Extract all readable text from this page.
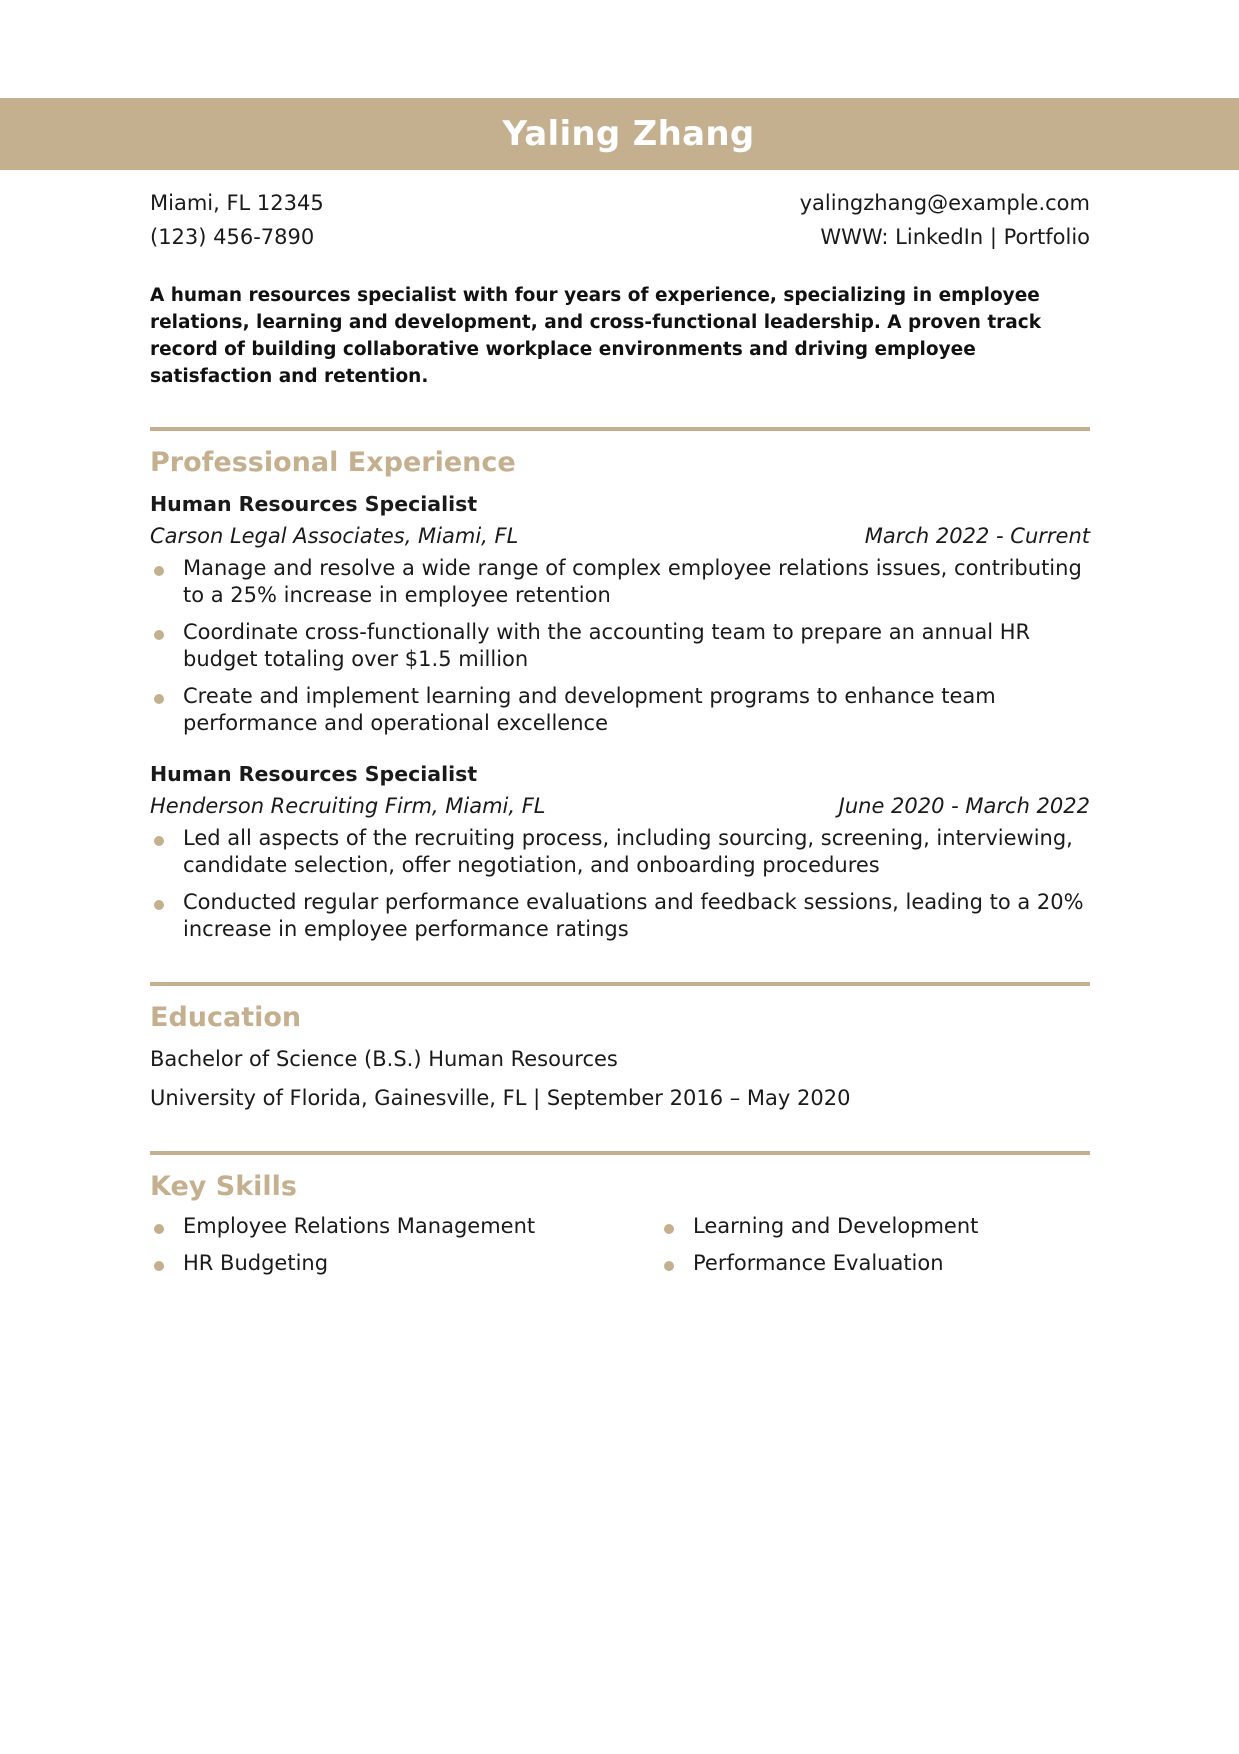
Yaling Zhang
Miami, FL 12345
(123) 456-7890
yalingzhang@example.com
WWW: LinkedIn | Portfolio
A human resources specialist with four years of experience, specializing in employee relations, learning and development, and cross-functional leadership. A proven track record of building collaborative workplace environments and driving employee satisfaction and retention.
Professional Experience
Human Resources Specialist
Carson Legal Associates, Miami, FL	March 2022 - Current
Manage and resolve a wide range of complex employee relations issues, contributing to a 25% increase in employee retention
Coordinate cross-functionally with the accounting team to prepare an annual HR budget totaling over $1.5 million
Create and implement learning and development programs to enhance team performance and operational excellence
Human Resources Specialist
Henderson Recruiting Firm, Miami, FL	June 2020 - March 2022
Led all aspects of the recruiting process, including sourcing, screening, interviewing, candidate selection, offer negotiation, and onboarding procedures
Conducted regular performance evaluations and feedback sessions, leading to a 20% increase in employee performance ratings
Education
Bachelor of Science (B.S.) Human Resources
University of Florida, Gainesville, FL | September 2016 – May 2020
Key Skills
Employee Relations Management	Learning and Development
HR Budgeting	Performance Evaluation
